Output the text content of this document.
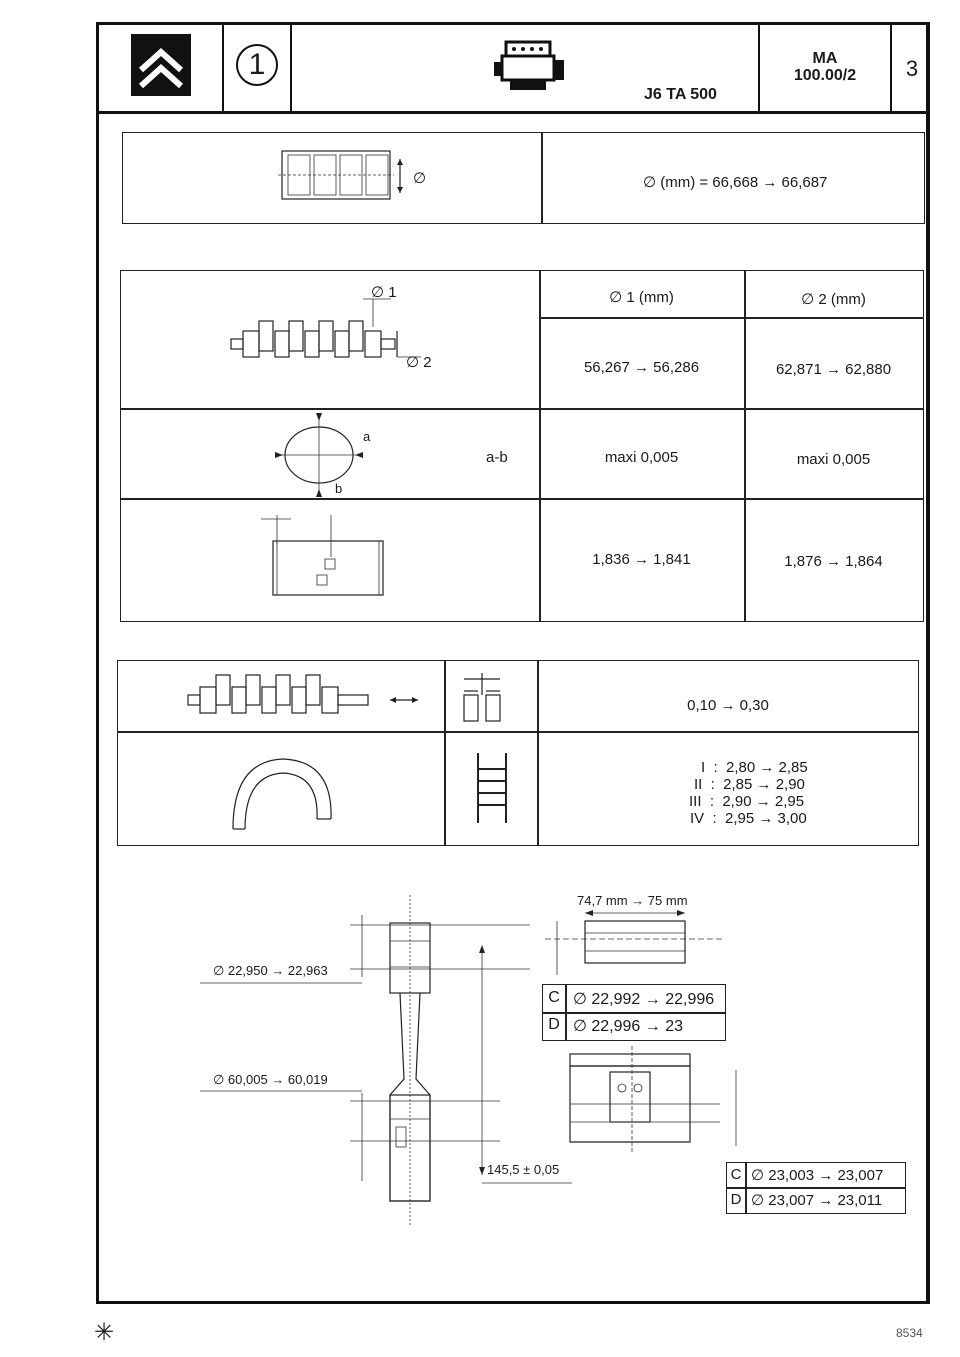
1
J6 TA 500
MA
100.00/2	3
∅	∅ (mm) = 66,668 → 66,687
∅ 1 (mm)	∅ 2 (mm)
∅ 1
∅ 2	56,267 → 56,286	62,871 → 62,880
a
b
a-b	maxi 0,005	maxi 0,005
1,836 → 1,841	1,876 → 1,864
0,10 → 0,30
I  :  2,80 → 2,85
II  :  2,85 → 2,90
III  :  2,90 → 2,95
IV  :  2,95 → 3,00
∅ 22,950 → 22,963
∅ 60,005 → 60,019
145,5 ± 0,05
74,7 mm → 75 mm
C ∅ 22,992 → 22,996
D ∅ 22,996 → 23
C ∅ 23,003 → 23,007
D ∅ 23,007 → 23,011
✳	8534
